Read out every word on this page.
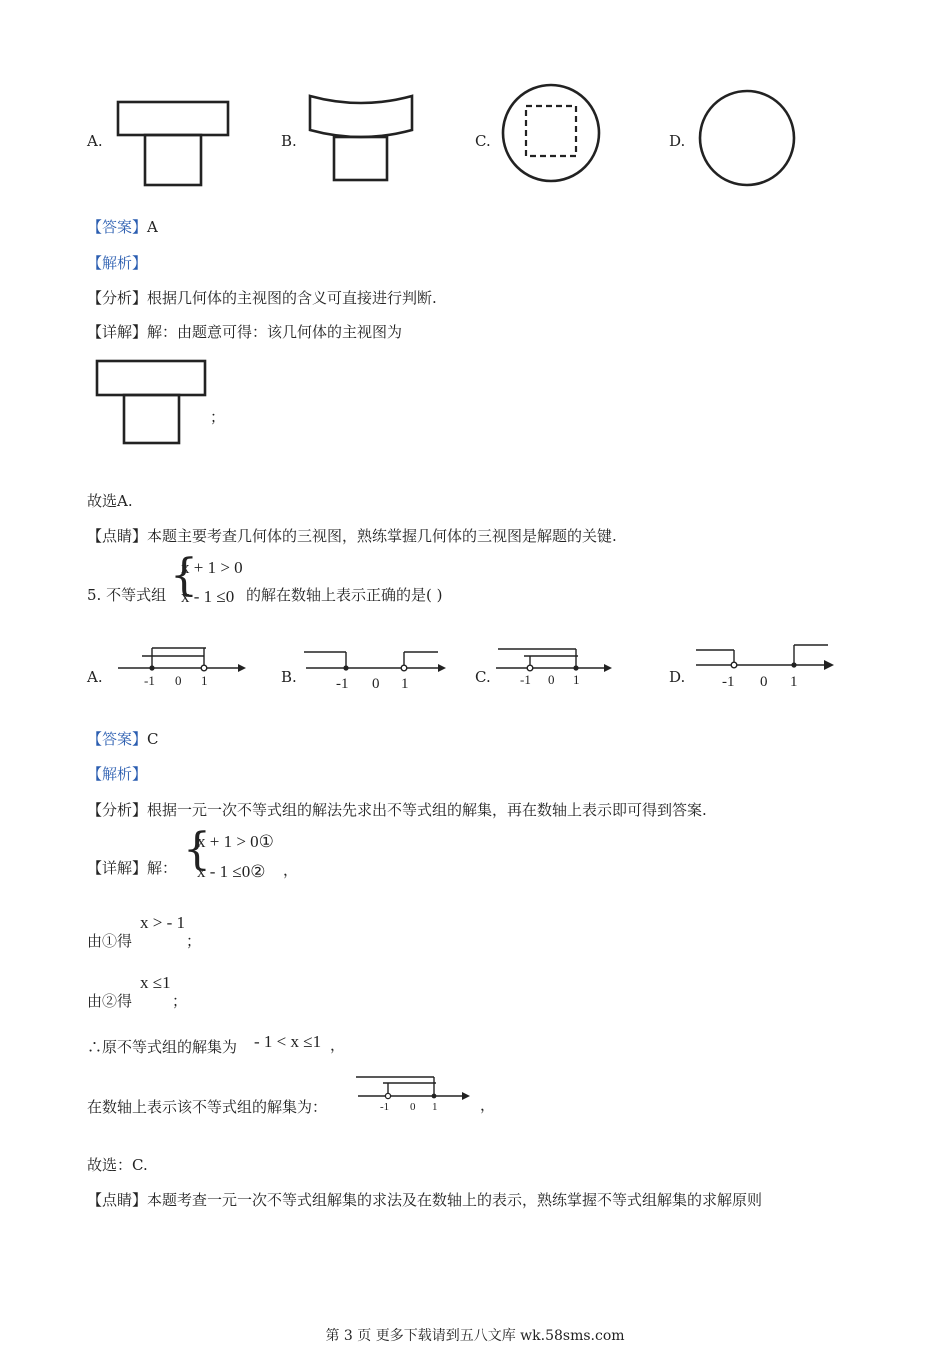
A.	B.	C.	D.
【答案】A
【解析】
【分析】根据几何体的主视图的含义可直接进行判断.
【详解】解：由题意可得：该几何体的主视图为
；
故选A.
【点睛】本题主要考查几何体的三视图，熟练掌握几何体的三视图是解题的关键.
5. 不等式组 {
x + 1 > 0
x - 1 ≤0 的解在数轴上表示正确的是( )
A.	-1 0 1	B.	-1 0 1	C. -1 0 1	D. -1 0 1
【答案】C
【解析】
【分析】根据一元一次不等式组的解法先求出不等式组的解集，再在数轴上表示即可得到答案.
【详解】解： {
x + 1 > 0①
x - 1 ≤0② ，
由①得
x > - 1
；
由②得
x ≤1
；
∴原不等式组的解集为 - 1 < x ≤1 ，
在数轴上表示该不等式组的解集为：	-1 0 1	，
故选：C.
【点睛】本题考查一元一次不等式组解集的求法及在数轴上的表示，熟练掌握不等式组解集的求解原则
第 3 页 更多下载请到五八文库 wk.58sms.com
